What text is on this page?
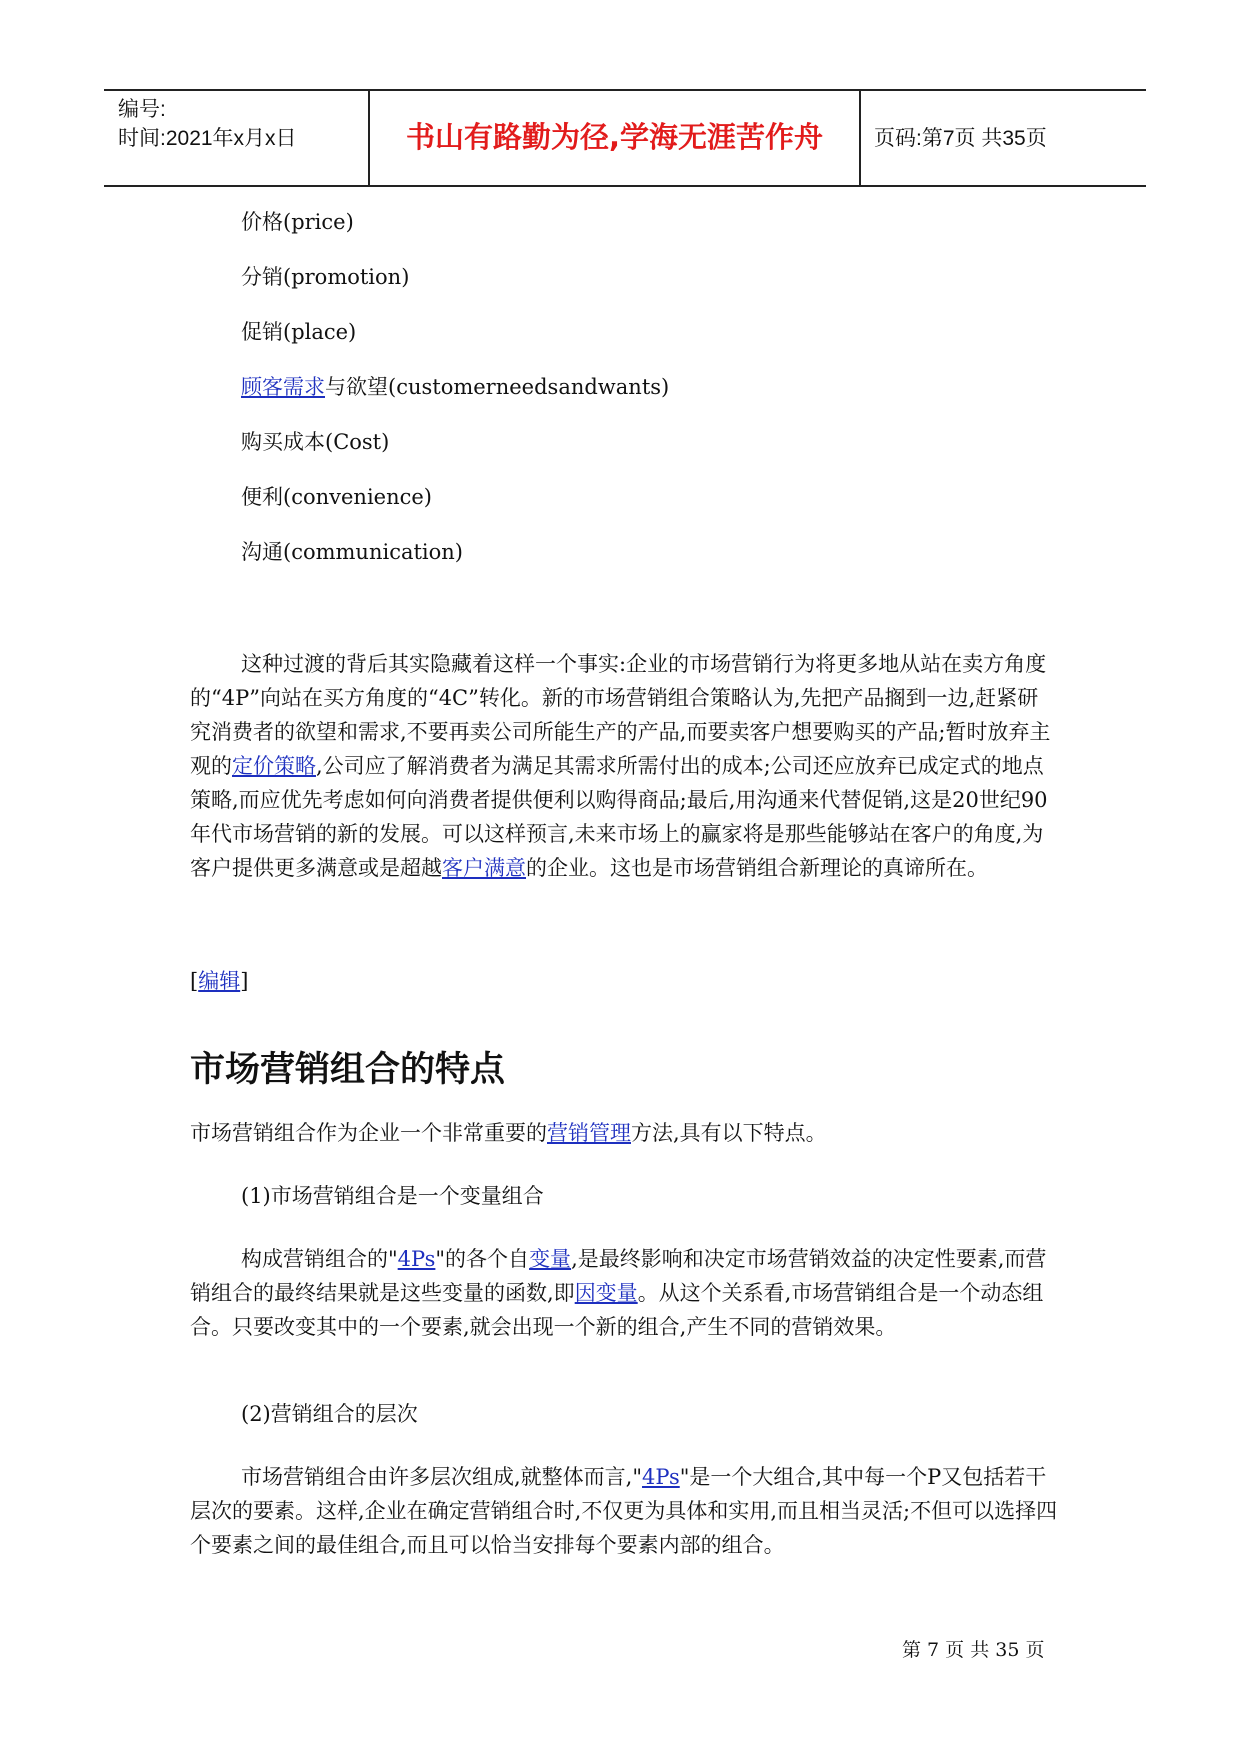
编号:
时间:2021年x月x日	书山有路勤为径,学海无涯苦作舟	页码:第7页 共35页
价格(price)
分销(promotion)
促销(place)
顾客需求与欲望(customerneedsandwants)
购买成本(Cost)
便利(convenience)
沟通(communication)
这种过渡的背后其实隐藏着这样一个事实:企业的市场营销行为将更多地从站在卖方角度的“4P”向站在买方角度的“4C”转化。新的市场营销组合策略认为,先把产品搁到一边,赶紧研究消费者的欲望和需求,不要再卖公司所能生产的产品,而要卖客户想要购买的产品;暂时放弃主观的定价策略,公司应了解消费者为满足其需求所需付出的成本;公司还应放弃已成定式的地点策略,而应优先考虑如何向消费者提供便利以购得商品;最后,用沟通来代替促销,这是20世纪90年代市场营销的新的发展。可以这样预言,未来市场上的赢家将是那些能够站在客户的角度,为客户提供更多满意或是超越客户满意的企业。这也是市场营销组合新理论的真谛所在。
[编辑]
市场营销组合的特点
市场营销组合作为企业一个非常重要的营销管理方法,具有以下特点。
(1)市场营销组合是一个变量组合
构成营销组合的"4Ps"的各个自变量,是最终影响和决定市场营销效益的决定性要素,而营销组合的最终结果就是这些变量的函数,即因变量。从这个关系看,市场营销组合是一个动态组合。只要改变其中的一个要素,就会出现一个新的组合,产生不同的营销效果。
(2)营销组合的层次
市场营销组合由许多层次组成,就整体而言,"4Ps"是一个大组合,其中每一个P又包括若干层次的要素。这样,企业在确定营销组合时,不仅更为具体和实用,而且相当灵活;不但可以选择四个要素之间的最佳组合,而且可以恰当安排每个要素内部的组合。
第 7 页 共 35 页
